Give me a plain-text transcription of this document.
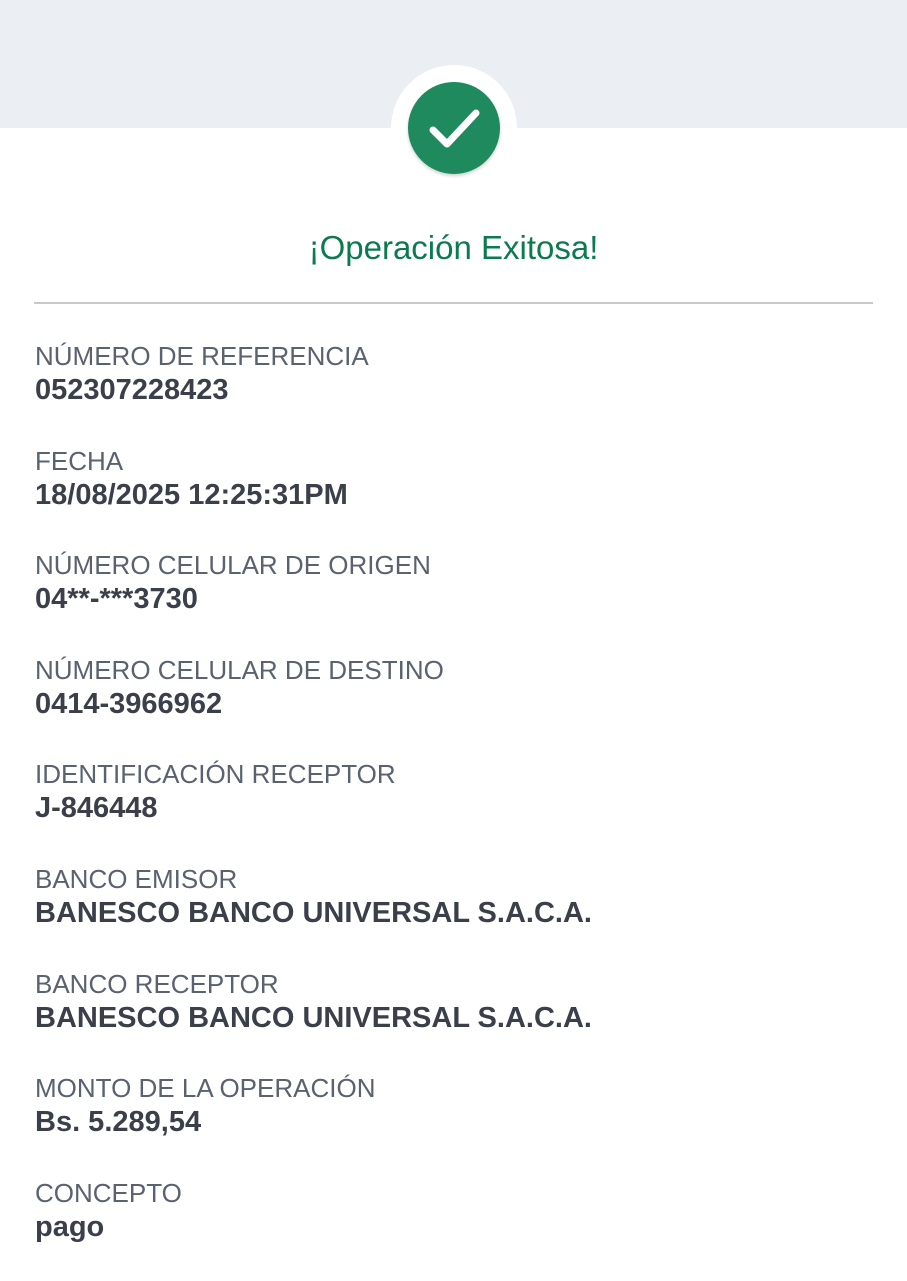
¡Operación Exitosa!
NÚMERO DE REFERENCIA
052307228423
FECHA
18/08/2025 12:25:31PM
NÚMERO CELULAR DE ORIGEN
04**-***3730
NÚMERO CELULAR DE DESTINO
0414-3966962
IDENTIFICACIÓN RECEPTOR
J-846448
BANCO EMISOR
BANESCO BANCO UNIVERSAL S.A.C.A.
BANCO RECEPTOR
BANESCO BANCO UNIVERSAL S.A.C.A.
MONTO DE LA OPERACIÓN
Bs. 5.289,54
CONCEPTO
pago
